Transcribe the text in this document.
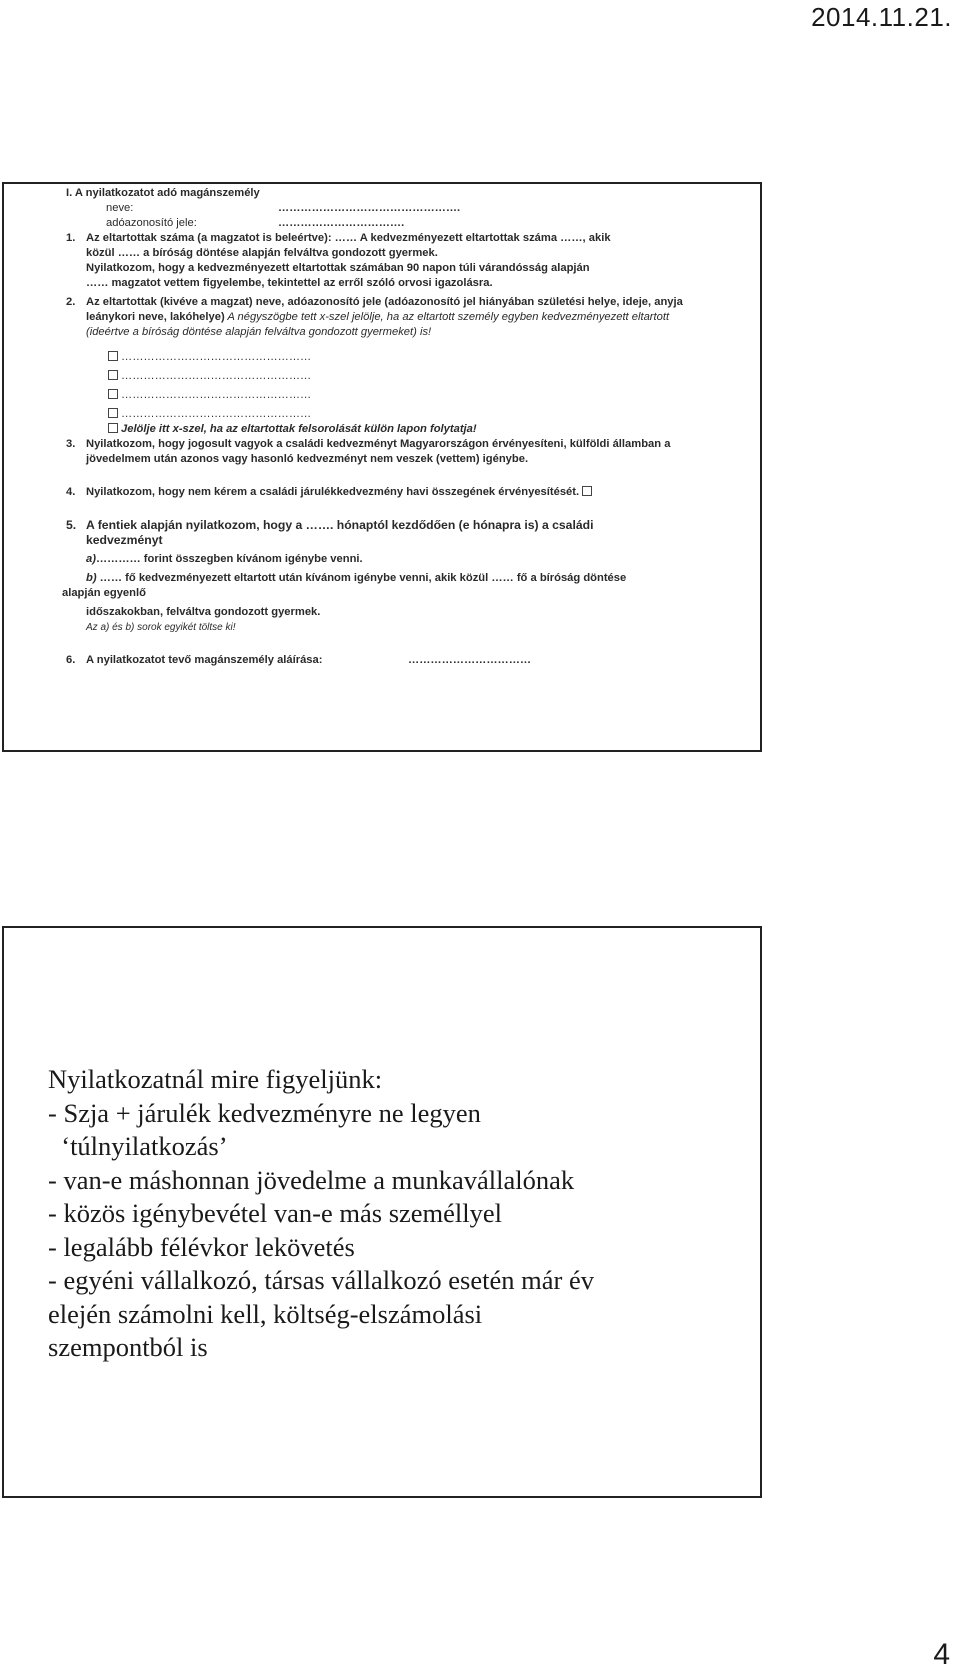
2014.11.21.
I. A nyilatkozatot adó magánszemély
neve:	………………………………………….
adóazonosító jele:	…………………………….
1. Az eltartottak száma (a magzatot is beleértve): …… A kedvezményezett eltartottak száma ……, akik
közül …… a bíróság döntése alapján felváltva gondozott gyermek.
Nyilatkozom, hogy a kedvezményezett eltartottak számában 90 napon túli várandósság alapján
…… magzatot vettem figyelembe, tekintettel az erről szóló orvosi igazolásra.
2. Az eltartottak (kivéve a magzat) neve, adóazonosító jele (adóazonosító jel hiányában születési helye, ideje, anyja
leánykori neve, lakóhelye) A négyszögbe tett x-szel jelölje, ha az eltartott személy egyben kedvezményezett eltartott
(ideértve a bíróság döntése alapján felváltva gondozott gyermeket) is!
……………………………………………
……………………………………………
……………………………………………
……………………………………………
Jelölje itt x-szel, ha az eltartottak felsorolását külön lapon folytatja!
3. Nyilatkozom, hogy jogosult vagyok a családi kedvezményt Magyarországon érvényesíteni, külföldi államban a
jövedelmem után azonos vagy hasonló kedvezményt nem veszek (vettem) igénybe.
4. Nyilatkozom, hogy nem kérem a családi járulékkedvezmény havi összegének érvényesítését.
5. A fentiek alapján nyilatkozom, hogy a ……. hónaptól kezdődően (e hónapra is) a családi
kedvezményt
a)………… forint összegben kívánom igénybe venni.
b) …… fő kedvezményezett eltartott után kívánom igénybe venni, akik közül …… fő a bíróság döntése
alapján egyenlő
időszakokban, felváltva gondozott gyermek.
Az a) és b) sorok egyikét töltse ki!
6. A nyilatkozatot tevő magánszemély aláírása:	……………………………
Nyilatkozatnál mire figyeljünk:
- Szja + járulék kedvezményre ne legyen
‘túlnyilatkozás’
- van-e máshonnan jövedelme a munkavállalónak
- közös igénybevétel van-e más személlyel
- legalább félévkor lekövetés
- egyéni vállalkozó, társas vállalkozó esetén már év
elején számolni kell, költség-elszámolási
szempontból is
4
